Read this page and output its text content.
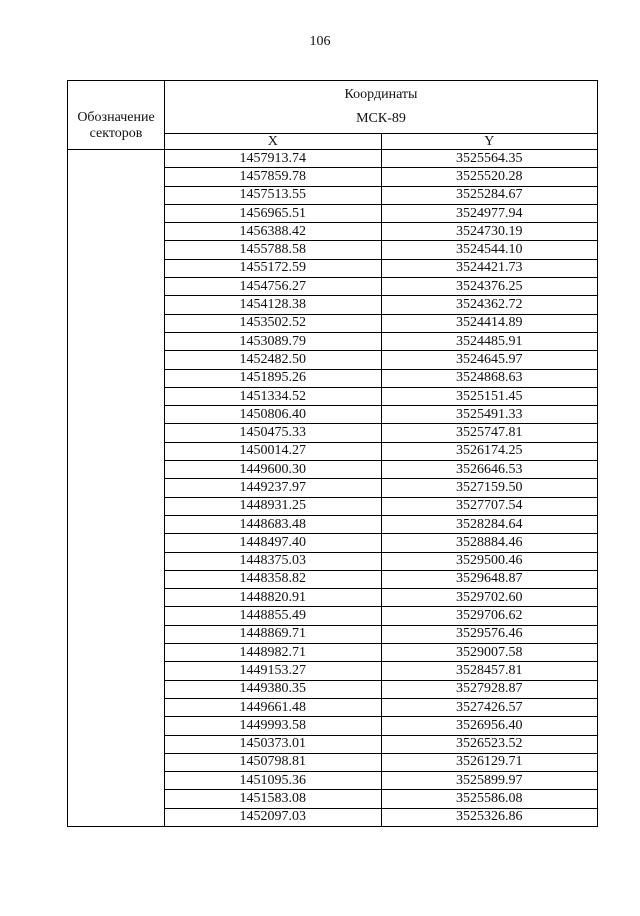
106
Обозначение
секторов	Координаты
МСК-89	
	X	Y
	1457913.74	3525564.35
	1457859.78	3525520.28
	1457513.55	3525284.67
	1456965.51	3524977.94
	1456388.42	3524730.19
	1455788.58	3524544.10
	1455172.59	3524421.73
	1454756.27	3524376.25
	1454128.38	3524362.72
	1453502.52	3524414.89
	1453089.79	3524485.91
	1452482.50	3524645.97
	1451895.26	3524868.63
	1451334.52	3525151.45
	1450806.40	3525491.33
	1450475.33	3525747.81
	1450014.27	3526174.25
	1449600.30	3526646.53
	1449237.97	3527159.50
	1448931.25	3527707.54
	1448683.48	3528284.64
	1448497.40	3528884.46
	1448375.03	3529500.46
	1448358.82	3529648.87
	1448820.91	3529702.60
	1448855.49	3529706.62
	1448869.71	3529576.46
	1448982.71	3529007.58
	1449153.27	3528457.81
	1449380.35	3527928.87
	1449661.48	3527426.57
	1449993.58	3526956.40
	1450373.01	3526523.52
	1450798.81	3526129.71
	1451095.36	3525899.97
	1451583.08	3525586.08
	1452097.03	3525326.86
